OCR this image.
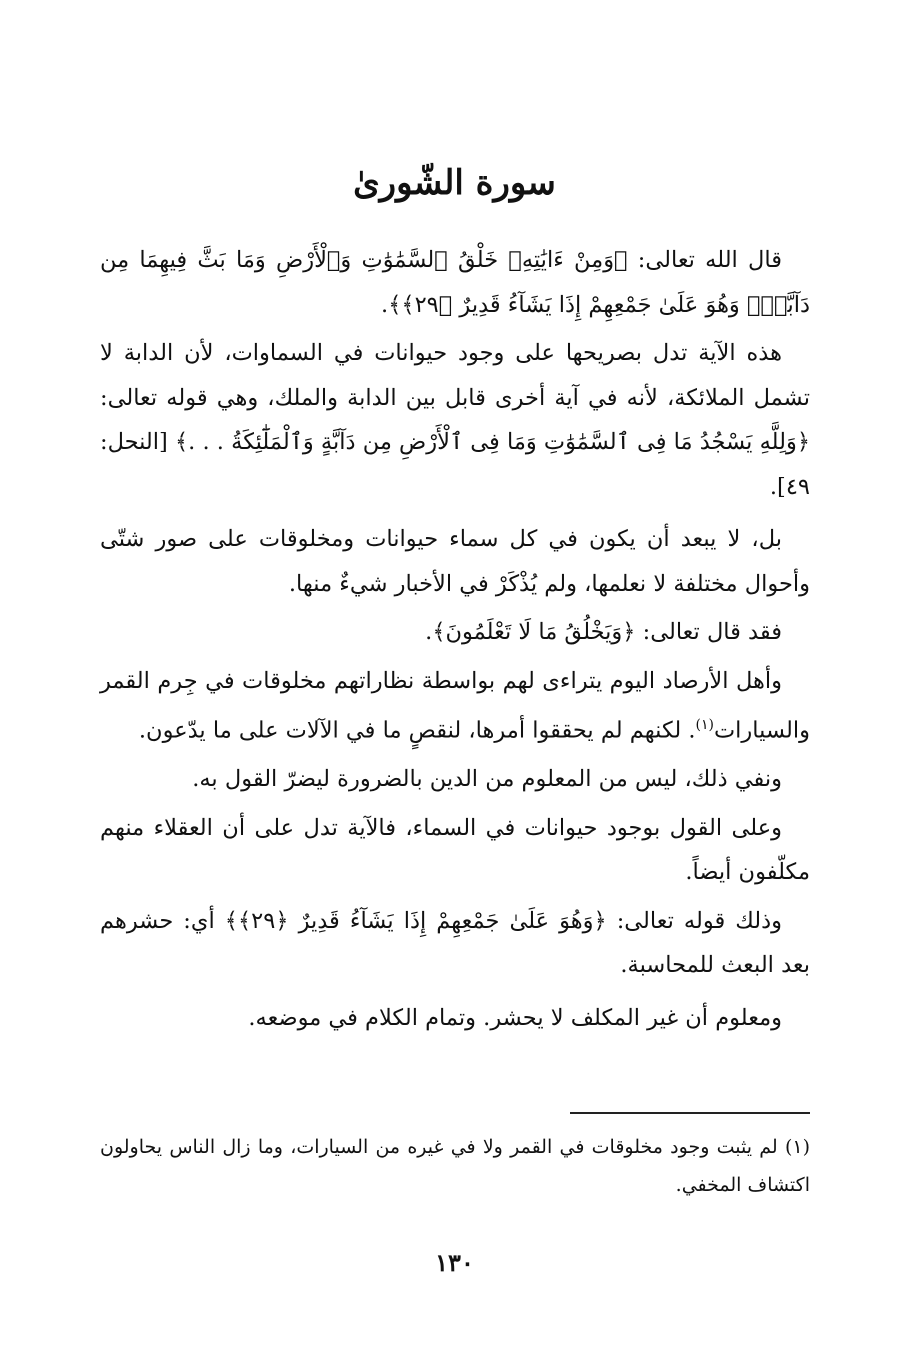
سورة الشّورىٰ

قال الله تعالى: ﴿وَمِنْ ءَايَٰتِهِۦ خَلْقُ ٱلسَّمَٰوَٰتِ وَٱلْأَرْضِ وَمَا بَثَّ فِيهِمَا مِن دَآبَّةٍۚ وَهُوَ عَلَىٰ جَمْعِهِمْ إِذَا يَشَآءُ قَدِيرٌ ﴿٢٩﴾﴾.

هذه الآية تدل بصريحها على وجود حيوانات في السماوات، لأن الدابة لا تشمل الملائكة، لأنه في آية أخرى قابل بين الدابة والملك، وهي قوله تعالى: ﴿وَلِلَّهِ يَسْجُدُ مَا فِى ٱلسَّمَٰوَٰتِ وَمَا فِى ٱلْأَرْضِ مِن دَآبَّةٍ وَٱلْمَلَٰٓئِكَةُ . . .﴾ [النحل: ٤٩].

بل، لا يبعد أن يكون في كل سماء حيوانات ومخلوقات على صور شتّى وأحوال مختلفة لا نعلمها، ولم يُذْكَرْ في الأخبار شيءٌ منها.

فقد قال تعالى: ﴿وَيَخْلُقُ مَا لَا تَعْلَمُونَ﴾.

وأهل الأرصاد اليوم يتراءى لهم بواسطة نظاراتهم مخلوقات في جِرم القمر والسيارات$^{(١)}$. لكنهم لم يحققوا أمرها، لنقصٍ ما في الآلات على ما يدّعون.

ونفي ذلك، ليس من المعلوم من الدين بالضرورة ليضرّ القول به.

وعلى القول بوجود حيوانات في السماء، فالآية تدل على أن العقلاء منهم مكلّفون أيضاً.

وذلك قوله تعالى: ﴿وَهُوَ عَلَىٰ جَمْعِهِمْ إِذَا يَشَآءُ قَدِيرٌ ﴿٢٩﴾﴾ أي: حشرهم بعد البعث للمحاسبة.

ومعلوم أن غير المكلف لا يحشر. وتمام الكلام في موضعه.

(١) لم يثبت وجود مخلوقات في القمر ولا في غيره من السيارات، وما زال الناس يحاولون اكتشاف المخفي.
١٣٠
